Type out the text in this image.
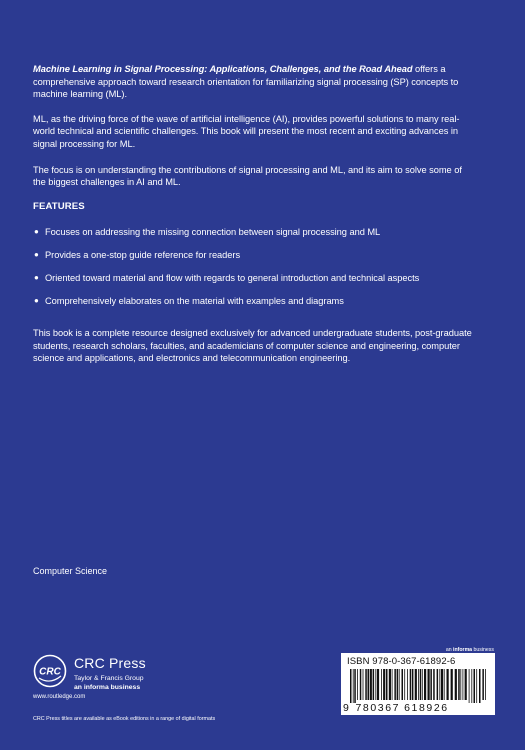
Machine Learning in Signal Processing: Applications, Challenges, and the Road Ahead offers a comprehensive approach toward research orientation for familiarizing signal processing (SP) concepts to machine learning (ML).

ML, as the driving force of the wave of artificial intelligence (AI), provides powerful solutions to many real-world technical and scientific challenges. This book will present the most recent and exciting advances in signal processing for ML.

The focus is on understanding the contributions of signal processing and ML, and its aim to solve some of the biggest challenges in AI and ML.

FEATURES
● Focuses on addressing the missing connection between signal processing and ML
● Provides a one-stop guide reference for readers
● Oriented toward material and flow with regards to general introduction and technical aspects
● Comprehensively elaborates on the material with examples and diagrams

This book is a complete resource designed exclusively for advanced undergraduate students, post-graduate students, research scholars, faculties, and academicians of computer science and engineering, computer science and applications, and electronics and telecommunication engineering.

Computer Science
CRC
CRC Press
Taylor & Francis Group
an informa business
www.routledge.com
CRC Press titles are available as eBook editions in a range of digital formats
an informa business
ISBN 978-0-367-61892-6
9 780367 618926
